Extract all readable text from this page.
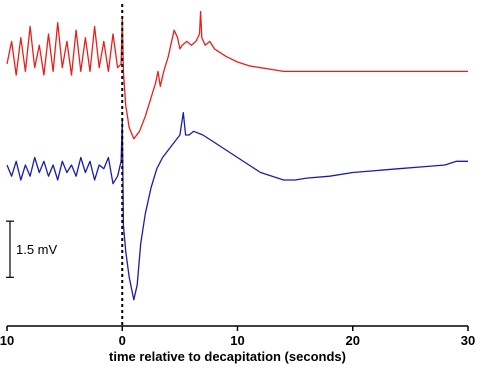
1.5 mV
10	0	10	20	30
time relative to decapitation (seconds)
